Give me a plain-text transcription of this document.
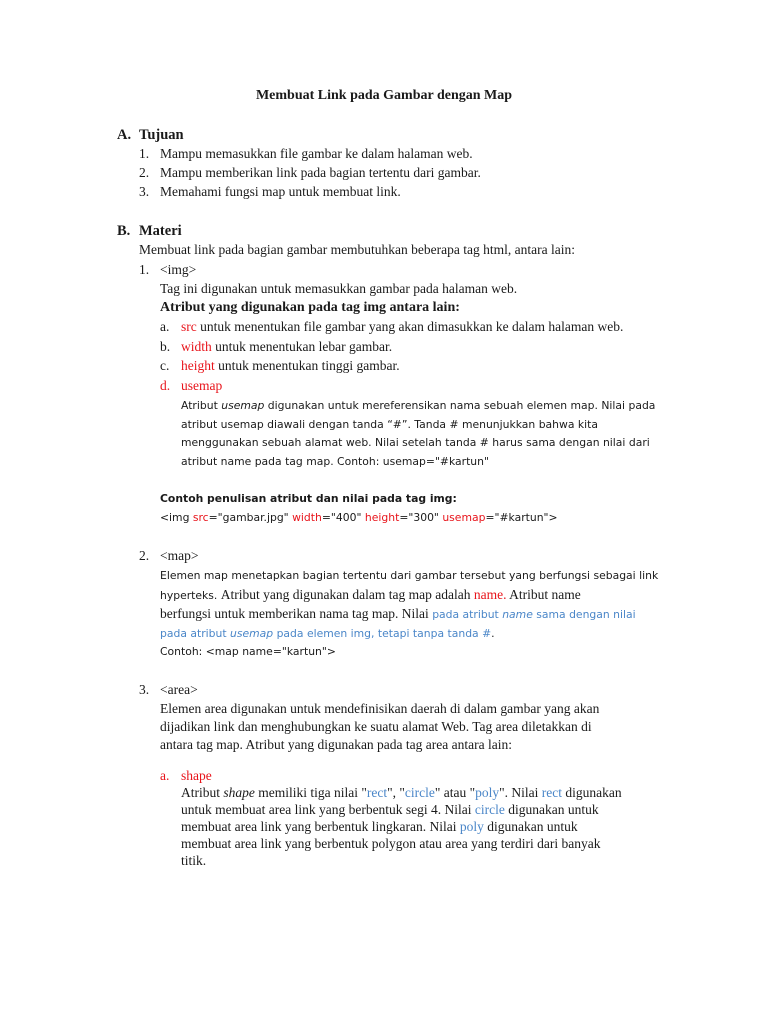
Membuat Link pada Gambar dengan Map
A. Tujuan
1. Mampu memasukkan file gambar ke dalam halaman web.
2. Mampu memberikan link pada bagian tertentu dari gambar.
3. Memahami fungsi map untuk membuat link.
B. Materi
Membuat link pada bagian gambar membutuhkan beberapa tag html, antara lain:
1. <img>
Tag ini digunakan untuk memasukkan gambar pada halaman web.
Atribut yang digunakan pada tag img antara lain:
a. src untuk menentukan file gambar yang akan dimasukkan ke dalam halaman web.
b. width untuk menentukan lebar gambar.
c. height untuk menentukan tinggi gambar.
d. usemap
Atribut usemap digunakan untuk mereferensikan nama sebuah elemen map. Nilai pada
atribut usemap diawali dengan tanda “#”. Tanda # menunjukkan bahwa kita
menggunakan sebuah alamat web. Nilai setelah tanda # harus sama dengan nilai dari
atribut name pada tag map. Contoh: usemap="#kartun"
Contoh penulisan atribut dan nilai pada tag img:
<img src="gambar.jpg" width="400" height="300" usemap="#kartun">
2. <map>
Elemen map menetapkan bagian tertentu dari gambar tersebut yang berfungsi sebagai link
hyperteks. Atribut yang digunakan dalam tag map adalah name. Atribut name
berfungsi untuk memberikan nama tag map. Nilai pada atribut name sama dengan nilai
pada atribut usemap pada elemen img, tetapi tanpa tanda #.
Contoh: <map name="kartun">
3. <area>
Elemen area digunakan untuk mendefinisikan daerah di dalam gambar yang akan
dijadikan link dan menghubungkan ke suatu alamat Web. Tag area diletakkan di
antara tag map. Atribut yang digunakan pada tag area antara lain:
a. shape
Atribut shape memiliki tiga nilai "rect", "circle" atau "poly". Nilai rect digunakan
untuk membuat area link yang berbentuk segi 4. Nilai circle digunakan untuk
membuat area link yang berbentuk lingkaran. Nilai poly digunakan untuk
membuat area link yang berbentuk polygon atau area yang terdiri dari banyak
titik.
